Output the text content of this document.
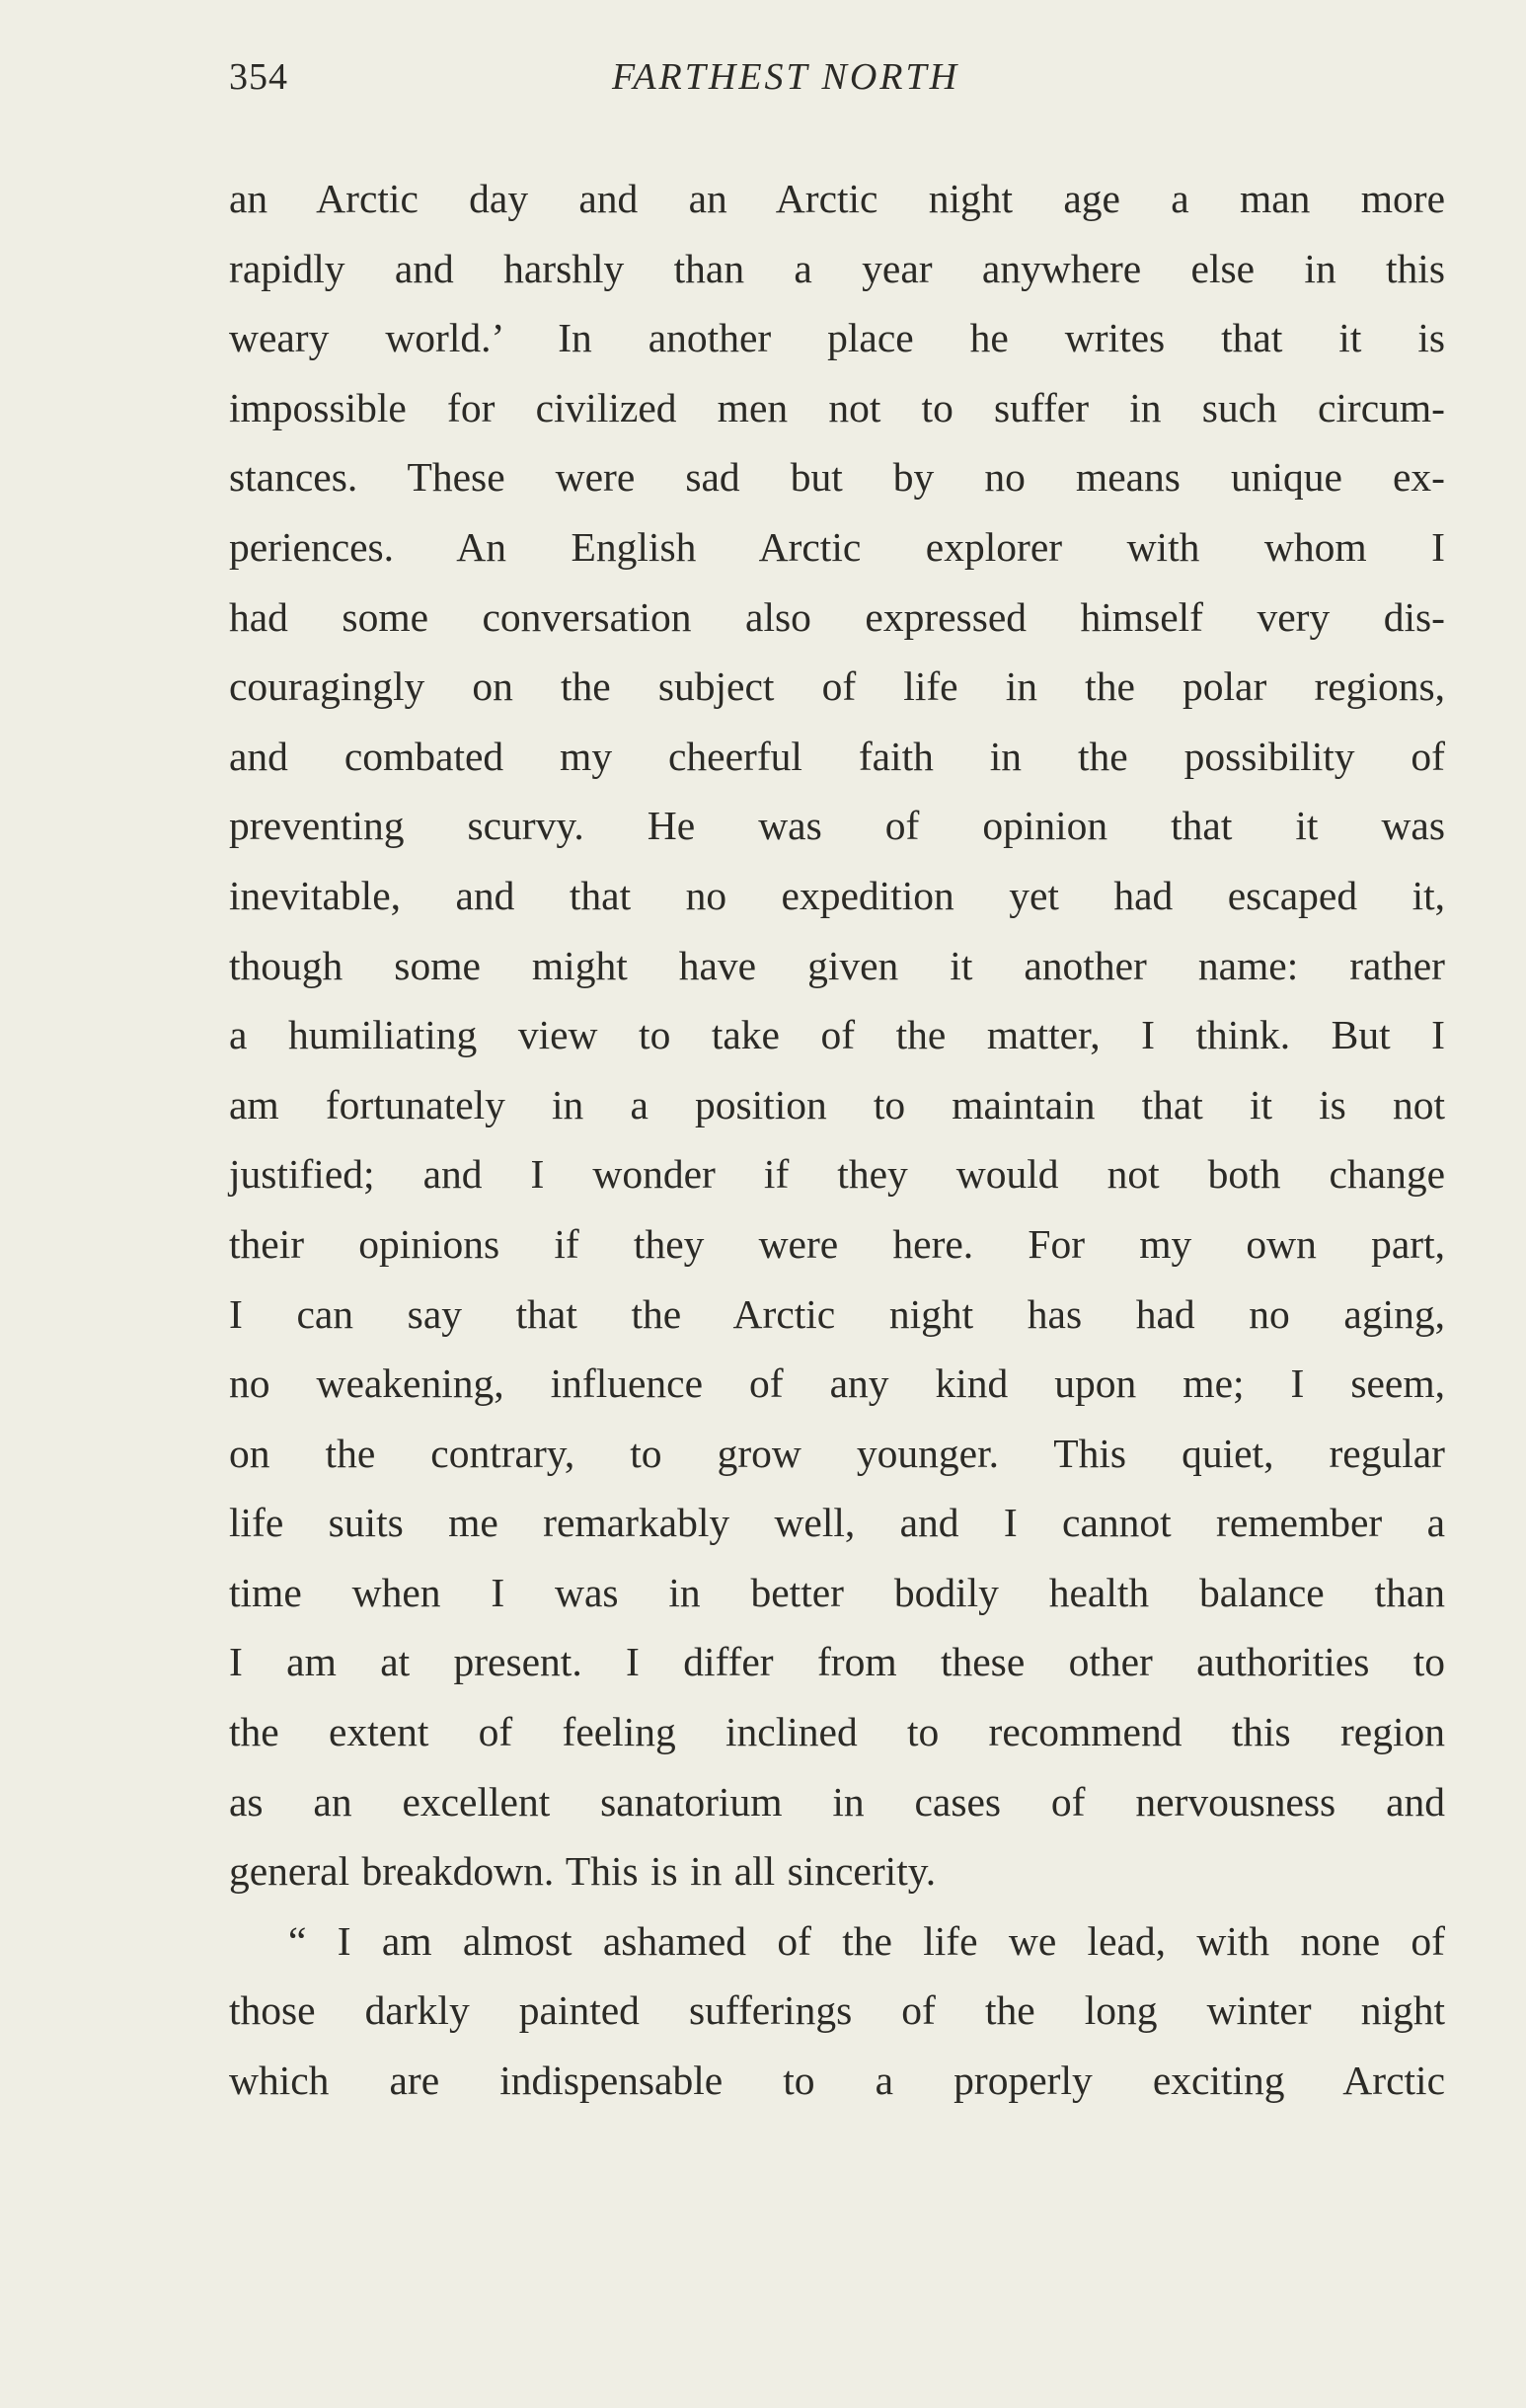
354	FARTHEST NORTH
an Arctic day and an Arctic night age a man more
rapidly and harshly than a year anywhere else in this
weary world.’ In another place he writes that it is
impossible for civilized men not to suffer in such circum-
stances. These were sad but by no means unique ex-
periences. An English Arctic explorer with whom I
had some conversation also expressed himself very dis-
couragingly on the subject of life in the polar regions,
and combated my cheerful faith in the possibility of
preventing scurvy. He was of opinion that it was
inevitable, and that no expedition yet had escaped it,
though some might have given it another name: rather
a humiliating view to take of the matter, I think. But I
am fortunately in a position to maintain that it is not
justified; and I wonder if they would not both change
their opinions if they were here. For my own part,
I can say that the Arctic night has had no aging,
no weakening, influence of any kind upon me; I seem,
on the contrary, to grow younger. This quiet, regular
life suits me remarkably well, and I cannot remember a
time when I was in better bodily health balance than
I am at present. I differ from these other authorities to
the extent of feeling inclined to recommend this region
as an excellent sanatorium in cases of nervousness and
general breakdown. This is in all sincerity.
“ I am almost ashamed of the life we lead, with none of
those darkly painted sufferings of the long winter night
which are indispensable to a properly exciting Arctic
